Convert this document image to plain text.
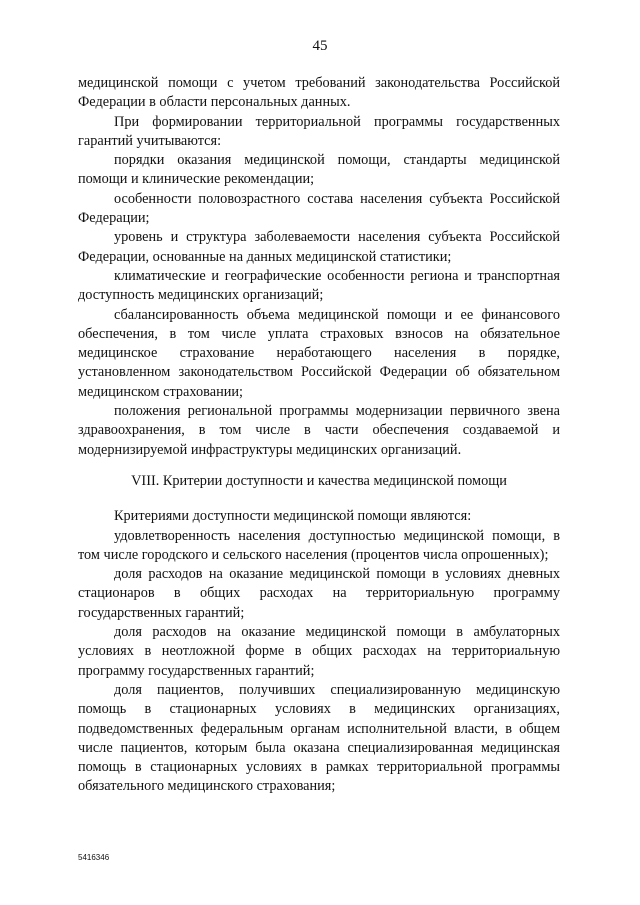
45

медицинской помощи с учетом требований законодательства Российской Федерации в области персональных данных.

При формировании территориальной программы государственных гарантий учитываются:

порядки оказания медицинской помощи, стандарты медицинской помощи и клинические рекомендации;

особенности половозрастного состава населения субъекта Российской Федерации;

уровень и структура заболеваемости населения субъекта Российской Федерации, основанные на данных медицинской статистики;

климатические и географические особенности региона и транспортная доступность медицинских организаций;

сбалансированность объема медицинской помощи и ее финансового обеспечения, в том числе уплата страховых взносов на обязательное медицинское страхование неработающего населения в порядке, установленном законодательством Российской Федерации об обязательном медицинском страховании;

положения региональной программы модернизации первичного звена здравоохранения, в том числе в части обеспечения создаваемой и модернизируемой инфраструктуры медицинских организаций.

VIII. Критерии доступности и качества медицинской помощи

Критериями доступности медицинской помощи являются:

удовлетворенность населения доступностью медицинской помощи, в том числе городского и сельского населения (процентов числа опрошенных);

доля расходов на оказание медицинской помощи в условиях дневных стационаров в общих расходах на территориальную программу государственных гарантий;

доля расходов на оказание медицинской помощи в амбулаторных условиях в неотложной форме в общих расходах на территориальную программу государственных гарантий;

доля пациентов, получивших специализированную медицинскую помощь в стационарных условиях в медицинских организациях, подведомственных федеральным органам исполнительной власти, в общем числе пациентов, которым была оказана специализированная медицинская помощь в стационарных условиях в рамках территориальной программы обязательного медицинского страхования;

5416346
